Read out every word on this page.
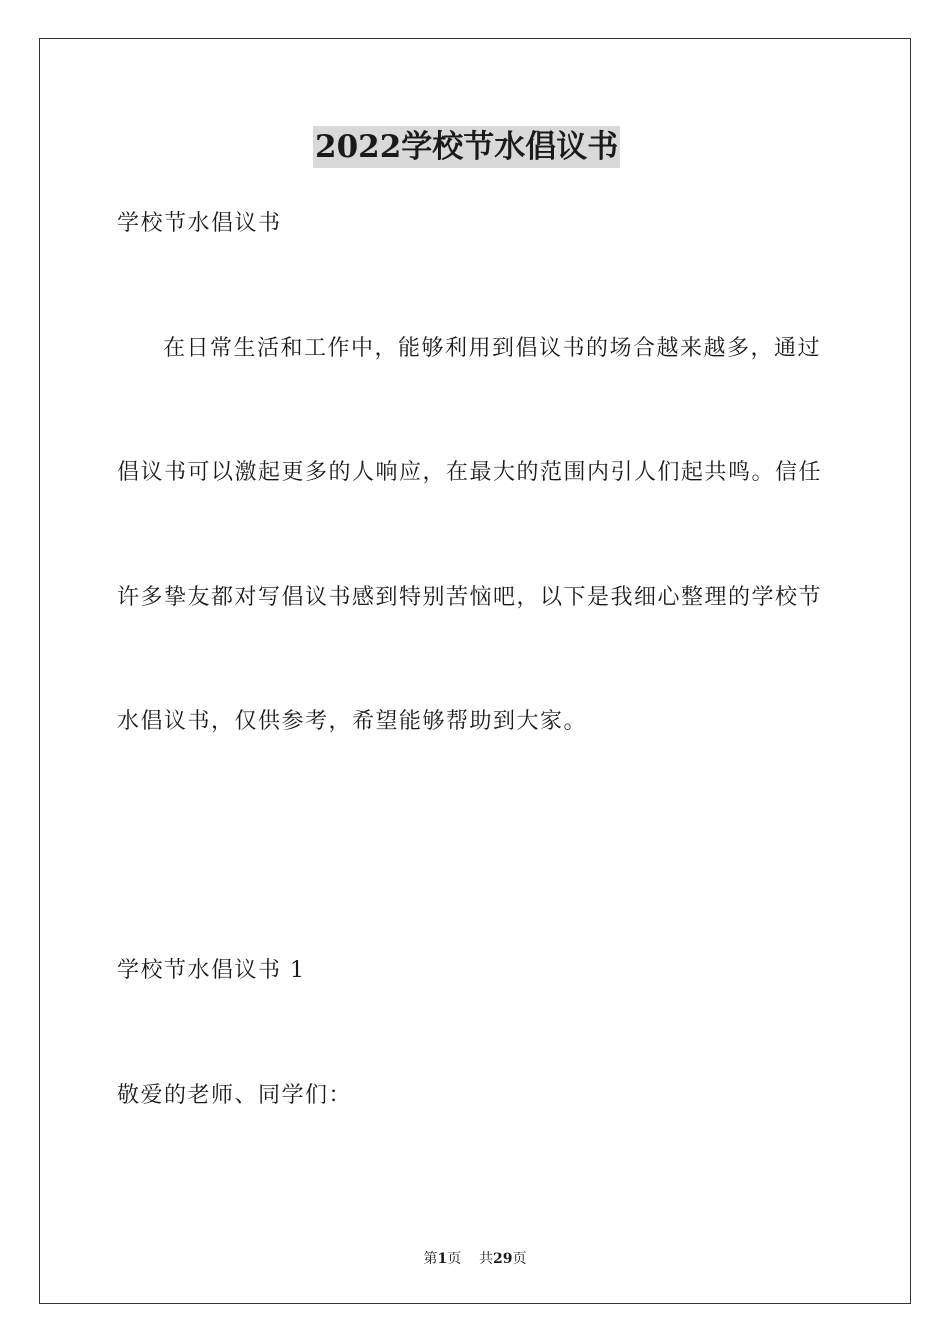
2022学校节水倡议书
学校节水倡议书
在日常生活和工作中，能够利用到倡议书的场合越来越多，通过
倡议书可以激起更多的人响应，在最大的范围内引人们起共鸣。信任
许多挚友都对写倡议书感到特别苦恼吧，以下是我细心整理的学校节
水倡议书，仅供参考，希望能够帮助到大家。
学校节水倡议书 1
敬爱的老师、同学们：
第1页 共29页
